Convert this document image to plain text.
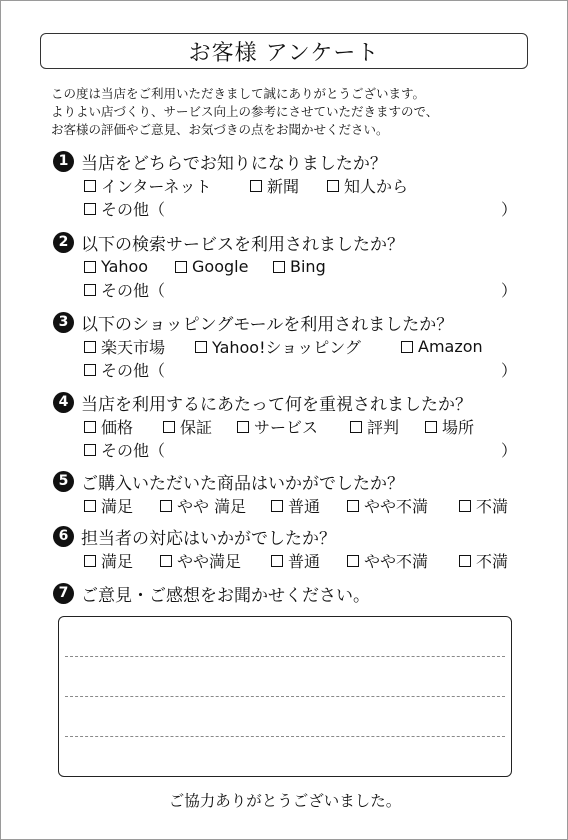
お客様 アンケート
この度は当店をご利用いただきまして誠にありがとうございます。
よりよい店づくり、サービス向上の参考にさせていただきますので、
お客様の評価やご意見、お気づきの点をお聞かせください。
1 当店をどちらでお知りになりましたか？
インターネット	新聞	知人から
その他（	）
2 以下の検索サービスを利用されましたか？
Yahoo	Google	Bing
その他（	）
3 以下のショッピングモールを利用されましたか？
楽天市場	Yahoo!ショッピング	Amazon
その他（	）
4 当店を利用するにあたって何を重視されましたか？
価格	保証	サービス	評判	場所
その他（	）
5 ご購入いただいた商品はいかがでしたか？
満足	やや 満足	普通	やや不満	不満
6 担当者の対応はいかがでしたか？
満足	やや満足	普通	やや不満	不満
7 ご意見・ご感想をお聞かせください。
ご協力ありがとうございました。
